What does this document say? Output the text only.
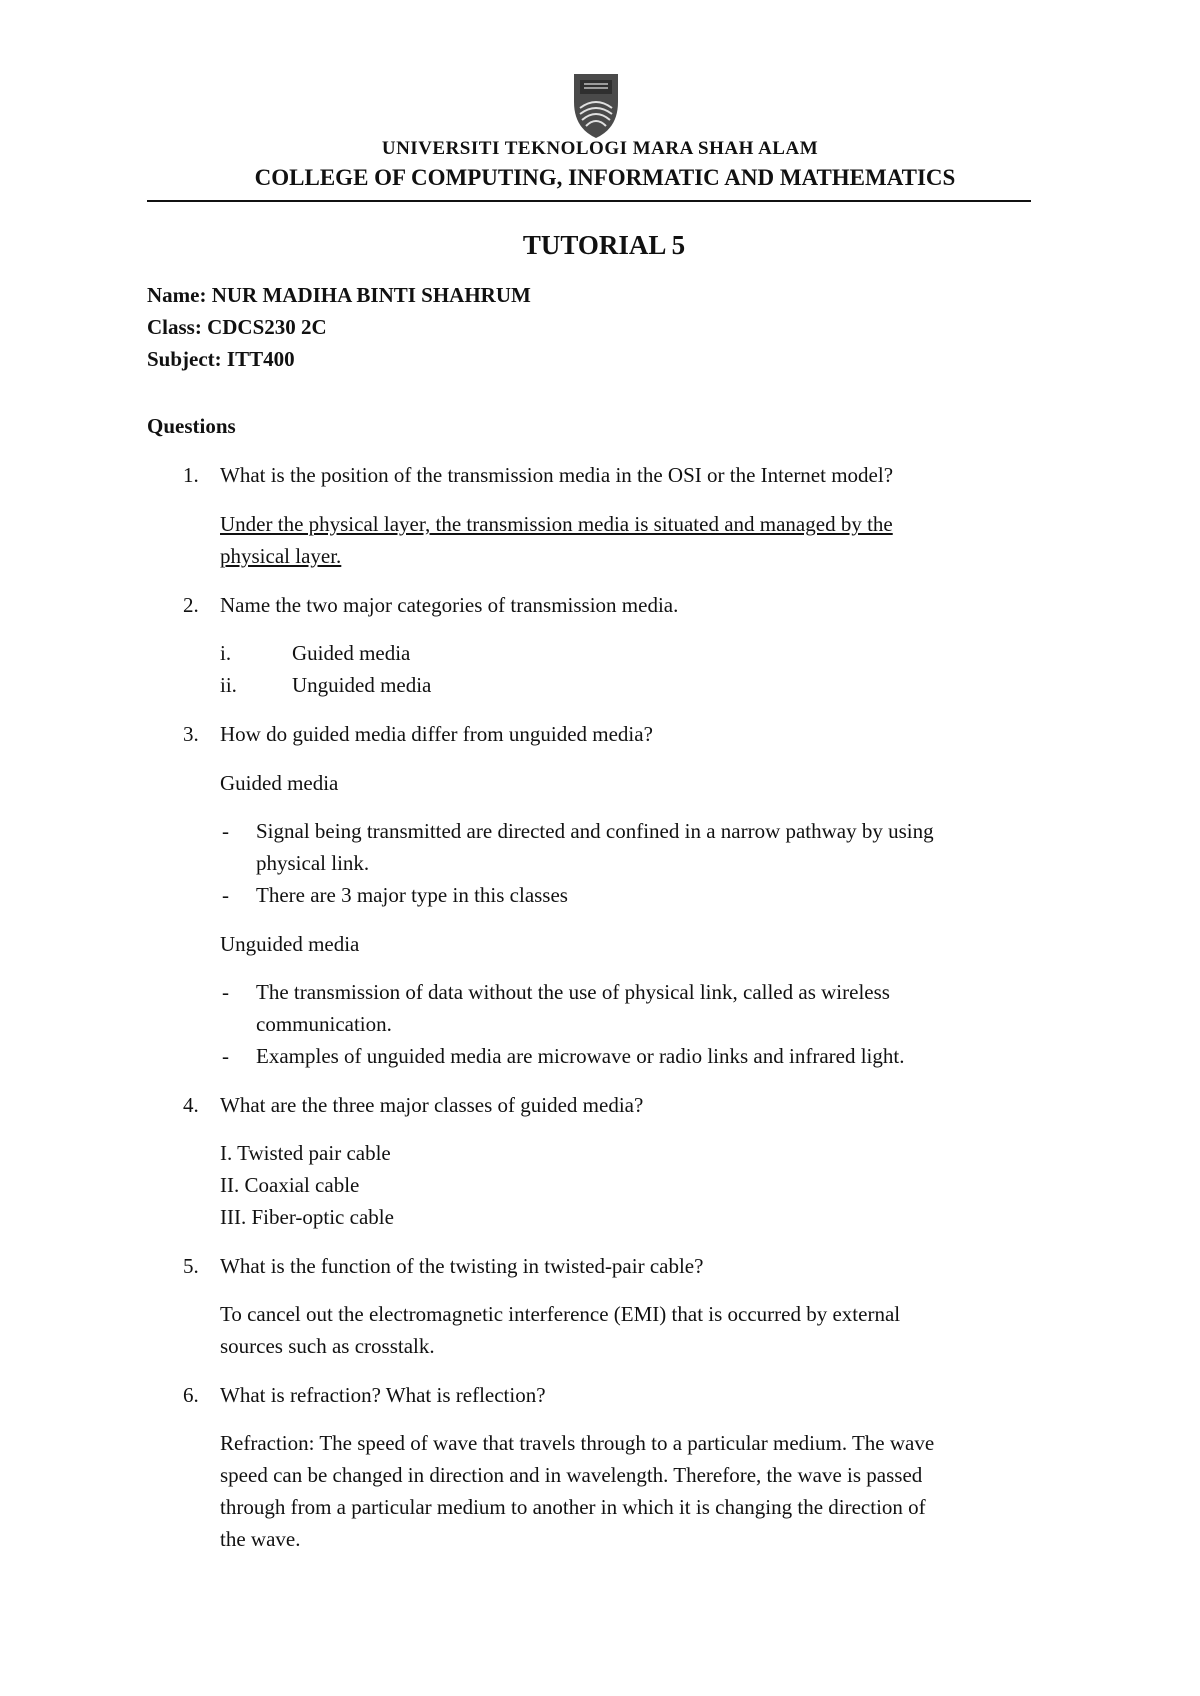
UNIVERSITI TEKNOLOGI MARA SHAH ALAM
COLLEGE OF COMPUTING, INFORMATIC AND MATHEMATICS
TUTORIAL 5
Name: NUR MADIHA BINTI SHAHRUM
Class: CDCS230 2C
Subject: ITT400
Questions
1. What is the position of the transmission media in the OSI or the Internet model?
Under the physical layer, the transmission media is situated and managed by the
physical layer.
2. Name the two major categories of transmission media.
i.	Guided media
ii.	Unguided media
3. How do guided media differ from unguided media?
Guided media
- Signal being transmitted are directed and confined in a narrow pathway by using
physical link.
- There are 3 major type in this classes
Unguided media
- The transmission of data without the use of physical link, called as wireless
communication.
- Examples of unguided media are microwave or radio links and infrared light.
4. What are the three major classes of guided media?
I. Twisted pair cable
II. Coaxial cable
III. Fiber-optic cable
5. What is the function of the twisting in twisted-pair cable?
To cancel out the electromagnetic interference (EMI) that is occurred by external
sources such as crosstalk.
6. What is refraction? What is reflection?
Refraction: The speed of wave that travels through to a particular medium. The wave
speed can be changed in direction and in wavelength. Therefore, the wave is passed
through from a particular medium to another in which it is changing the direction of
the wave.
